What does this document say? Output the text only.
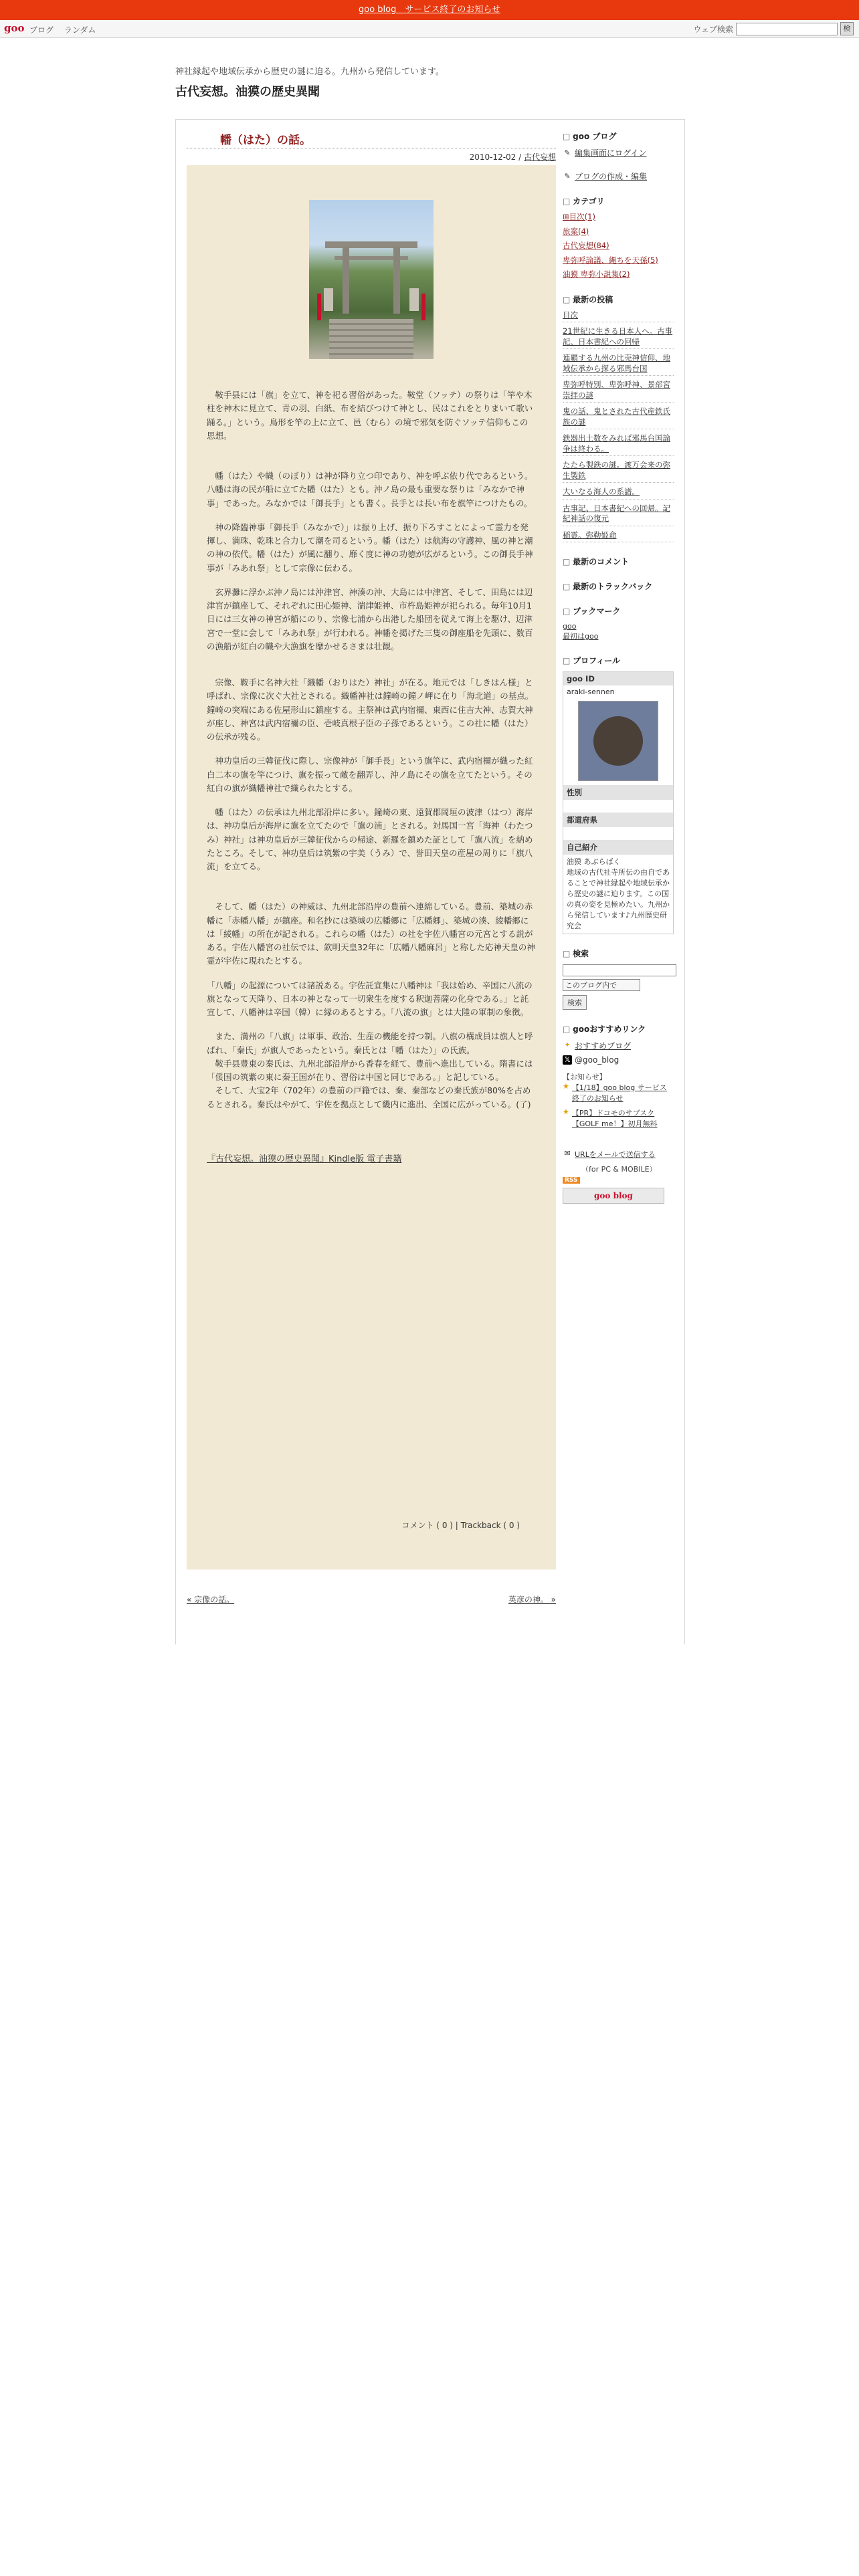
goo blog　サービス終了のお知らせ
goo ブログ ランダム	ウェブ検索	検
神社縁起や地域伝承から歴史の謎に迫る。九州から発信しています。
古代妄想。油獏の歴史異聞
幡（はた）の話。
2010-12-02 / 古代妄想

　鞍手县には「旗」を立て、神を祀る習俗があった。鞍堂（ソッテ）の祭りは「竿や木柱を神木に見立て、青の羽、白紙、布を結びつけて神とし、民はこれをとりまいて歌い踊る。」という。鳥形を竿の上に立て、邑（むら）の境で邪気を防ぐソッテ信仰もこの思想。

　幡（はた）や幟（のぼり）は神が降り立つ印であり、神を呼ぶ依り代であるという。八幡は海の民が船に立てた幡（はた）とも。沖ノ島の最も重要な祭りは「みなかで神事」であった。みなかでは「御長手」とも書く。長手とは長い布を旗竿につけたもの。

　神の降臨神事「御長手（みなかで）」は振り上げ、振り下ろすことによって霊力を発揮し、満珠、乾珠と合力して潮を司るという。幡（はた）は航海の守護神、風の神と潮の神の依代。幡（はた）が風に翻り、靡く度に神の功徳が広がるという。この御長手神事が「みあれ祭」として宗像に伝わる。

　玄界灘に浮かぶ沖ノ島には沖津宮、神湊の沖、大島には中津宮、そして、田島には辺津宮が鎮座して、それぞれに田心姫神、湍津姫神、市杵島姫神が祀られる。毎年10月1日には三女神の神宮が船にのり、宗像七浦から出港した船団を従えて海上を駆け、辺津宮で一堂に会して「みあれ祭」が行われる。神幡を掲げた三隻の御座船を先頭に、数百の漁船が紅白の幟や大漁旗を靡かせるさまは壮観。

　宗像、鞍手に名神大社「織幡（おりはた）神社」が在る。地元では「しきはん様」と呼ばれ、宗像に次ぐ大社とされる。織幡神社は鐘崎の鐘ノ岬に在り「海北道」の基点。鐘崎の突端にある佐屋形山に鎮座する。主祭神は武内宿禰、東西に住吉大神、志賀大神が座し、神宮は武内宿禰の臣、壱岐真根子臣の子孫であるという。この社に幡（はた）の伝承が残る。

　神功皇后の三韓征伐に際し、宗像神が「御手長」という旗竿に、武内宿禰が織った紅白二本の旗を竿につけ、旗を振って敵を翻弄し、沖ノ島にその旗を立てたという。その紅白の旗が織幡神社で織られたとする。

　幡（はた）の伝承は九州北部沿岸に多い。鐘崎の東、遠賀郡岡垣の波津（はつ）海岸は、神功皇后が海岸に旗を立てたので「旗の浦」とされる。対馬国一宮「海神（わたつみ）神社」は神功皇后が三韓征伐からの帰途、新羅を鎮めた証として「旗八流」を納めたところ。そして、神功皇后は筑紫の宇美（うみ）で、誉田天皇の産屋の周りに「旗八流」を立てる。

　そして、幡（はた）の神威は、九州北部沿岸の豊前へ連綿している。豊前、築城の赤幡に「赤幡八幡」が鎮座。和名抄には築城の広幡郷に「広幡郷」、築城の湊、綾幡郷には「綾幡」の所在が記される。これらの幡（はた）の社を宇佐八幡宮の元宮とする説がある。宇佐八幡宮の社伝では、欽明天皇32年に「広幡八幡麻呂」と称した応神天皇の神霊が宇佐に現れたとする。

「八幡」の起源については諸説ある。宇佐託宣集に八幡神は「我は始め、辛国に八流の旗となって天降り、日本の神となって一切衆生を度する釈迦菩薩の化身である。」と託宣して、八幡神は辛国（韓）に縁のあるとする。「八流の旗」とは大陸の軍制の象徴。

　また、満州の「八旗」は軍事、政治、生産の機能を持つ制。八旗の構成員は旗人と呼ばれ、「秦氏」が旗人であったという。秦氏とは「幡（はた）」の氏族。

　鞍手县豊東の秦氏は、九州北部沿岸から香春を経て、豊前へ進出している。隋書には「俀国の筑紫の東に秦王国が在り、習俗は中国と同じである。」と記している。

　そして、大宝2年（702年）の豊前の戸籍では、秦、秦部などの秦氏族が80%を占めるとされる。秦氏はやがて、宇佐を拠点として畿内に進出、全国に広がっている。(了)

『古代妄想。油獏の歴史異聞』Kindle版 電子書籍
コメント ( 0 ) | Trackback ( 0 )
« 宗像の話。	英彦の神。 »
□ goo ブログ
✎ 編集画面にログイン
✎ ブログの作成・編集
□ カテゴリ
⊞目次(1)
旅案(4)
古代妄想(84)
卑弥呼論議、縄ちを天孫(5)
油獏 卑弥小説集(2)
□ 最新の投稿
目次
21世紀に生きる日本人へ。古事記、日本書紀への回帰
連覇する九州の比売神信仰、地域伝承から探る邪馬台国
卑弥呼特別、卑弥呼神、景部宮崇拝の謎
鬼の話、鬼とされた古代産鉄氏族の謎
鉄器出土数をみれば邪馬台国論争は終わる。
たたら製鉄の謎。渡万会来の弥生製鉄
大いなる海人の系譜。
古事記、日本書紀への回帰。記紀神話の復元
稲霊。弥勒姫命
□ 最新のコメント
□ 最新のトラックバック
□ ブックマーク
goo
最初はgoo
□ プロフィール
goo ID
araki-sennen
性別

都道府県

自己紹介
油獏 あぶらばく
地域の古代社寺所伝の由自であることで神社縁起や地域伝承から歴史の謎に迫ります。この国の真の姿を見極めたい。九州から発信しています♪九州歴史研究会
□ 検索
このブログ内で
検索
□ gooおすすめリンク
✦ おすすめブログ
𝕏 @goo_blog
【お知らせ】
★ 【1/18】goo blog サービス終了のお知らせ
★ 【PR】ドコモのサブスク【GOLF me！】初月無料
✉ URLをメールで送信する
（for PC & MOBILE）
RSS
goo blog
